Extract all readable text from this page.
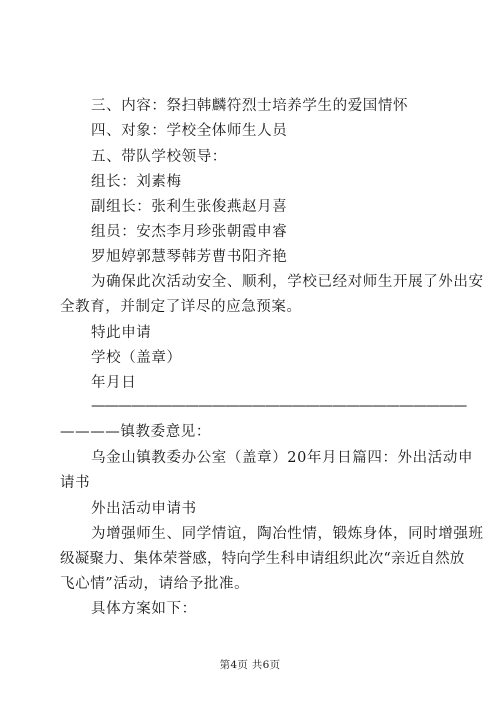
三、内容：祭扫韩麟符烈士培养学生的爱国情怀
四、对象：学校全体师生人员
五、带队学校领导：
组长：刘素梅
副组长：张利生张俊燕赵月喜
组员：安杰李月珍张朝霞申睿
罗旭婷郭慧琴韩芳曹书阳齐艳
为确保此次活动安全、顺利，学校已经对师生开展了外出安
全教育，并制定了详尽的应急预案。
特此申请
学校（盖章）
年月日
————————————————————————————
————镇教委意见：
乌金山镇教委办公室（盖章）20年月日篇四：外出活动申
请书
外出活动申请书
为增强师生、同学情谊，陶冶性情，锻炼身体，同时增强班
级凝聚力、集体荣誉感，特向学生科申请组织此次“亲近自然放
飞心情”活动，请给予批准。
具体方案如下：
第4页 共6页
